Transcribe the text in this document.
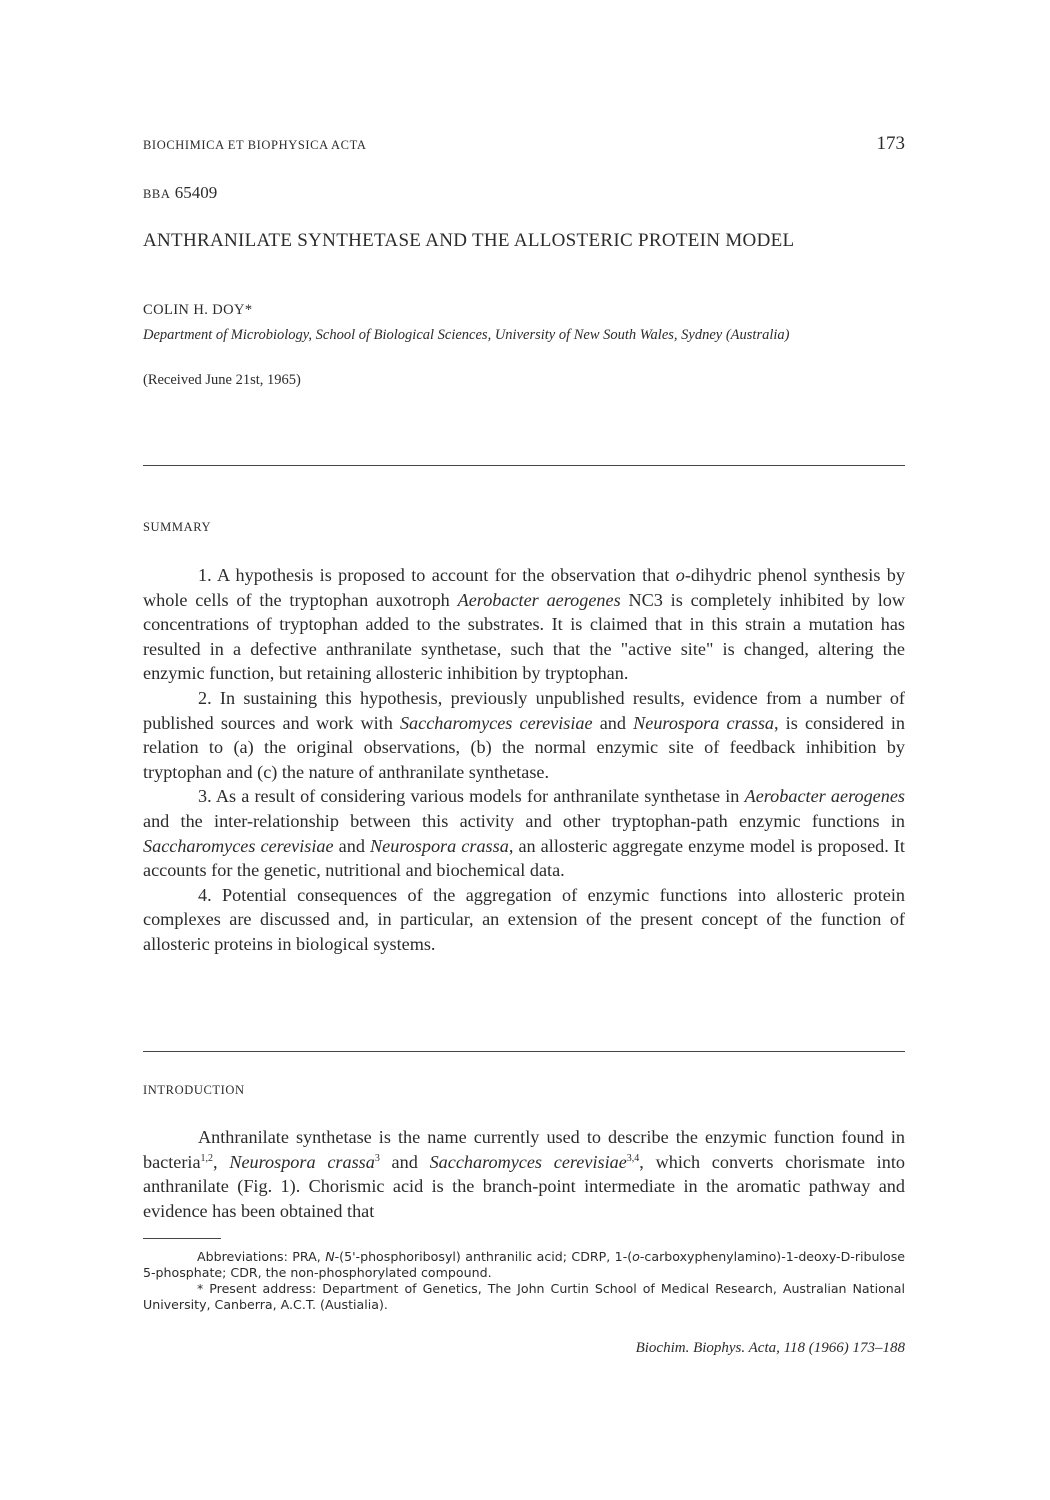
BIOCHIMICA ET BIOPHYSICA ACTA	173
BBA 65409
ANTHRANILATE SYNTHETASE AND THE ALLOSTERIC PROTEIN MODEL
COLIN H. DOY*
Department of Microbiology, School of Biological Sciences, University of New South Wales, Sydney (Australia)
(Received June 21st, 1965)
SUMMARY

1. A hypothesis is proposed to account for the observation that o-dihydric phenol synthesis by whole cells of the tryptophan auxotroph Aerobacter aerogenes NC3 is completely inhibited by low concentrations of tryptophan added to the substrates. It is claimed that in this strain a mutation has resulted in a defective anthranilate synthetase, such that the "active site" is changed, altering the enzymic function, but retaining allosteric inhibition by tryptophan.

2. In sustaining this hypothesis, previously unpublished results, evidence from a number of published sources and work with Saccharomyces cerevisiae and Neurospora crassa, is considered in relation to (a) the original observations, (b) the normal enzymic site of feedback inhibition by tryptophan and (c) the nature of anthranilate synthetase.

3. As a result of considering various models for anthranilate synthetase in Aerobacter aerogenes and the inter-relationship between this activity and other tryptophan-path enzymic functions in Saccharomyces cerevisiae and Neurospora crassa, an allosteric aggregate enzyme model is proposed. It accounts for the genetic, nutritional and biochemical data.

4. Potential consequences of the aggregation of enzymic functions into allosteric protein complexes are discussed and, in particular, an extension of the present concept of the function of allosteric proteins in biological systems.

INTRODUCTION

Anthranilate synthetase is the name currently used to describe the enzymic function found in bacteria$^{1,2}$, Neurospora crassa$^3$ and Saccharomyces cerevisiae$^{3,4}$, which converts chorismate into anthranilate (Fig. 1). Chorismic acid is the branch-point intermediate in the aromatic pathway and evidence has been obtained that

Abbreviations: PRA, N-(5'-phosphoribosyl) anthranilic acid; CDRP, 1-(o-carboxyphenylamino)-1-deoxy-D-ribulose 5-phosphate; CDR, the non-phosphorylated compound.

* Present address: Department of Genetics, The John Curtin School of Medical Research, Australian National University, Canberra, A.C.T. (Austialia).

Biochim. Biophys. Acta, 118 (1966) 173–188
